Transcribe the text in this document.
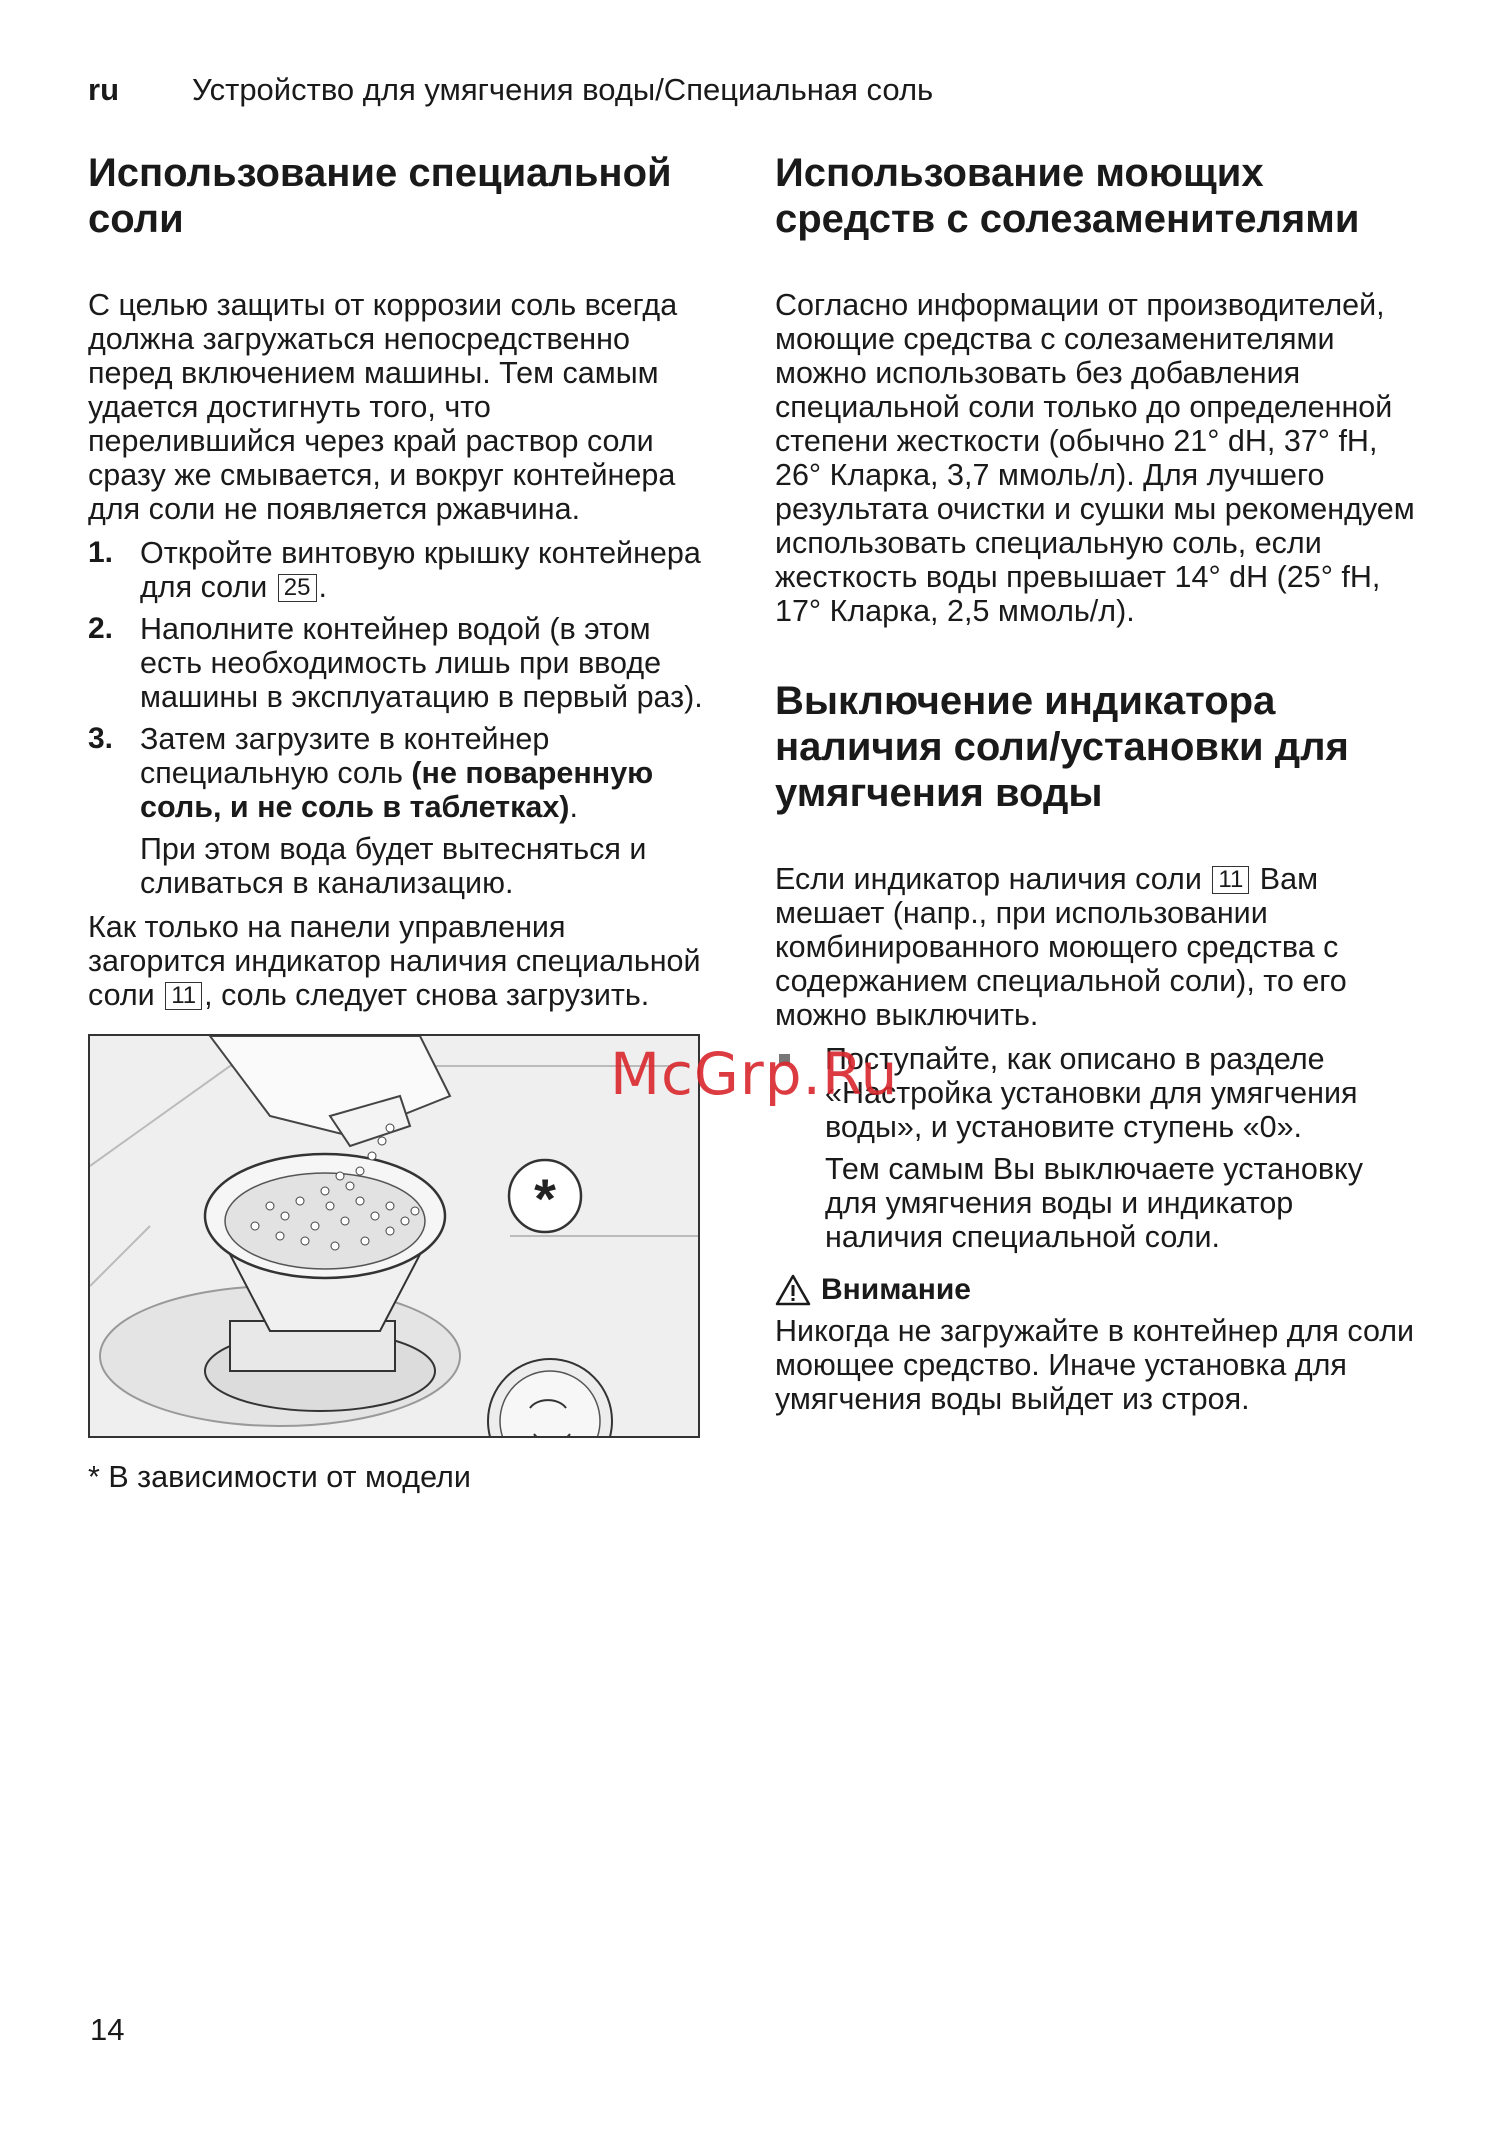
ru Устройство для умягчения воды/Специальная соль
Использование специальной
соли

С целью защиты от коррозии соль всегда должна загружаться непосредственно перед включением машины. Тем самым удается достигнуть того, что перелившийся через край раствор соли сразу же смывается, и вокруг контейнера для соли не появляется ржавчина.

1. Откройте винтовую крышку контейнера для соли 25 .
2. Наполните контейнер водой (в этом есть необходимость лишь при вводе машины в эксплуатацию в первый раз).
3. Затем загрузите в контейнер специальную соль (не поваренную соль, и не соль в таблетках).
При этом вода будет вытесняться и сливаться в канализацию.

Как только на панели управления загорится индикатор наличия специальной соли 11 , соль следует снова загрузить.

*
* В зависимости от модели
Использование моющих
средств с солезаменителями

Согласно информации от производителей, моющие средства с солезаменителями можно использовать без добавления специальной соли только до определенной степени жесткости (обычно 21° dH, 37° fH, 26° Кларка, 3,7 ммоль/л). Для лучшего результата очистки и сушки мы рекомендуем использовать специальную соль, если жесткость воды превышает 14° dH (25° fH, 17° Кларка, 2,5 ммоль/л).

Выключение индикатора
наличия соли/установки для
умягчения воды

Если индикатор наличия соли 11 Вам мешает (напр., при использовании комбинированного моющего средства с содержанием специальной соли), то его можно выключить.

Поступайте, как описано в разделе «Настройка установки для умягчения воды», и установите ступень «0».
Тем самым Вы выключаете установку для умягчения воды и индикатор наличия специальной соли.
Внимание

Никогда не загружайте в контейнер для соли моющее средство. Иначе установка для умягчения воды выйдет из строя.

McGrp.Ru
14
